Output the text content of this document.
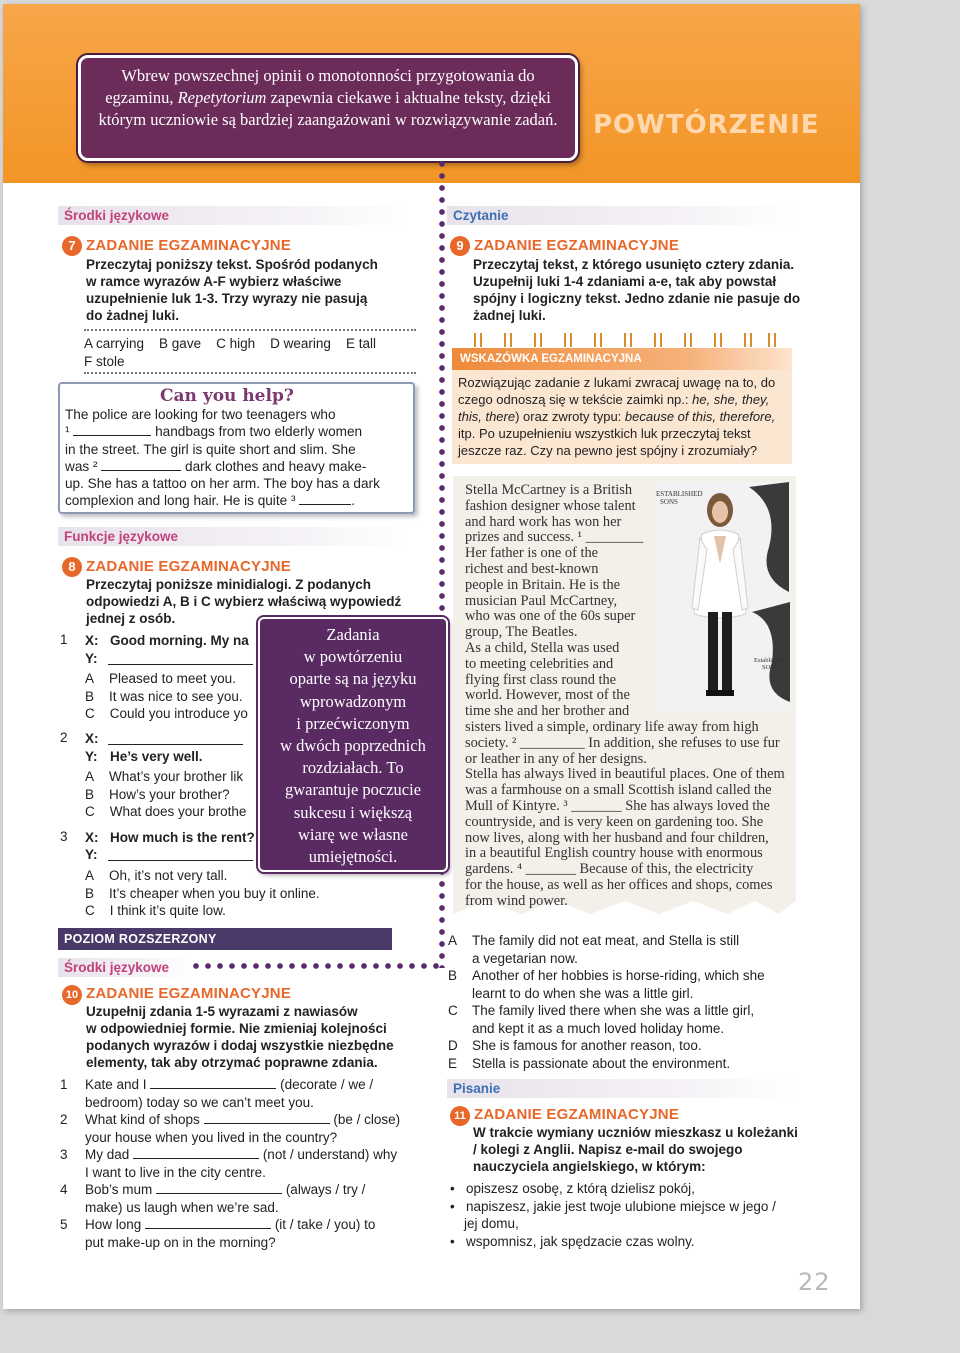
POWTÓRZENIE
Wbrew powszechnej opinii o monotonności przygotowania do egzaminu, Repetytorium zapewnia ciekawe i aktualne teksty, dzięki którym uczniowie są bardziej zaangażowani w rozwiązywanie zadań.
Środki językowe
7 ZADANIE EGZAMINACYJNE
Przeczytaj poniższy tekst. Spośród podanych
w ramce wyrazów A-F wybierz właściwe
uzupełnienie luk 1-3. Trzy wyrazy nie pasują
do żadnej luki.
A carrying B gave C high D wearing E tall
F stole
Can you help?
The police are looking for two teenagers who
¹	handbags from two elderly women
in the street. The girl is quite short and slim. She
was ²	dark clothes and heavy make-
up. She has a tattoo on her arm. The boy has a dark
complexion and long hair. He is quite ³	.
Funkcje językowe
8 ZADANIE EGZAMINACYJNE
Przeczytaj poniższe minidialogi. Z podanych
odpowiedzi A, B i C wybierz właściwą wypowiedź
jednej z osób.
1 X: Good morning. My na
Y:
A Pleased to meet you.
B It was nice to see you.
C Could you introduce yo
2 X:
Y: He’s very well.
A What’s your brother lik
B How’s your brother?
C What does your brothe
3 X: How much is the rent?
Y:
A Oh, it’s not very tall.
B It’s cheaper when you buy it online.
C I think it’s quite low.
POZIOM ROZSZERZONY
Środki językowe
10 ZADANIE EGZAMINACYJNE
Uzupełnij zdania 1-5 wyrazami z nawiasów
w odpowiedniej formie. Nie zmieniaj kolejności
podanych wyrazów i dodaj wszystkie niezbędne
elementy, tak aby otrzymać poprawne zdania.
1	Kate and I

	(decorate / we /
bedroom) today so we can’t meet you.
2	What kind of shops

	(be / close)
your house when you lived in the country?
3	My dad

	(not / understand) why
I want to live in the city centre.
4	Bob’s mum

	(always / try /
make) us laugh when we’re sad.
5	How long

	(it / take / you) to
put make-up on in the morning?
Zadania
w powtórzeniu
oparte są na języku
wprowadzonym
i przećwiczonym
w dwóch poprzednich
rozdziałach. To
gwarantuje poczucie
sukcesu i większą
wiarę we własne
umiejętności.
Czytanie
9 ZADANIE EGZAMINACYJNE
Przeczytaj tekst, z którego usunięto cztery zdania.
Uzupełnij luki 1-4 zdaniami a-e, tak aby powstał
spójny i logiczny tekst. Jedno zdanie nie pasuje do
żadnej luki.
WSKAZÓWKA EGZAMINACYJNA
Rozwiązując zadanie z lukami zwracaj uwagę na to, do
czego odnoszą się w tekście zaimki np.: he, she, they,
this, there) oraz zwroty typu: because of this, therefore,
itp. Po uzupełnieniu wszystkich luk przeczytaj tekst
jeszcze raz. Czy na pewno jest spójny i zrozumiały?
ESTABLISHED
SONS
Established
SONS
Stella McCartney is a British
fashion designer whose talent
and hard work has won her
prizes and success. ¹ ________
Her father is one of the
richest and best-known
people in Britain. He is the
musician Paul McCartney,
who was one of the 60s super
group, The Beatles.
As a child, Stella was used
to meeting celebrities and
flying first class round the
world. However, most of the
time she and her brother and
sisters lived a simple, ordinary life away from high
society. ² _________ In addition, she refuses to use fur
or leather in any of her designs.
Stella has always lived in beautiful places. One of them
was a farmhouse on a small Scottish island called the
Mull of Kintyre. ³ _______ She has always loved the
countryside, and is very keen on gardening too. She
now lives, along with her husband and four children,
in a beautiful English country house with enormous
gardens. ⁴ _______ Because of this, the electricity
for the house, as well as her offices and shops, comes
from wind power.
A	The family did not eat meat, and Stella is still
a vegetarian now.
B	Another of her hobbies is horse-riding, which she
learnt to do when she was a little girl.
C	The family lived there when she was a little girl,
and kept it as a much loved holiday home.
D	She is famous for another reason, too.
E	Stella is passionate about the environment.
Pisanie
11 ZADANIE EGZAMINACYJNE
W trakcie wymiany uczniów mieszkasz u koleżanki
/ kolegi z Anglii. Napisz e-mail do swojego
nauczyciela angielskiego, w którym:
•   opiszesz osobę, z którą dzielisz pokój,
•   napiszesz, jakie jest twoje ulubione miejsce w jego /
jej domu,
•   wspomnisz, jak spędzacie czas wolny.
22
